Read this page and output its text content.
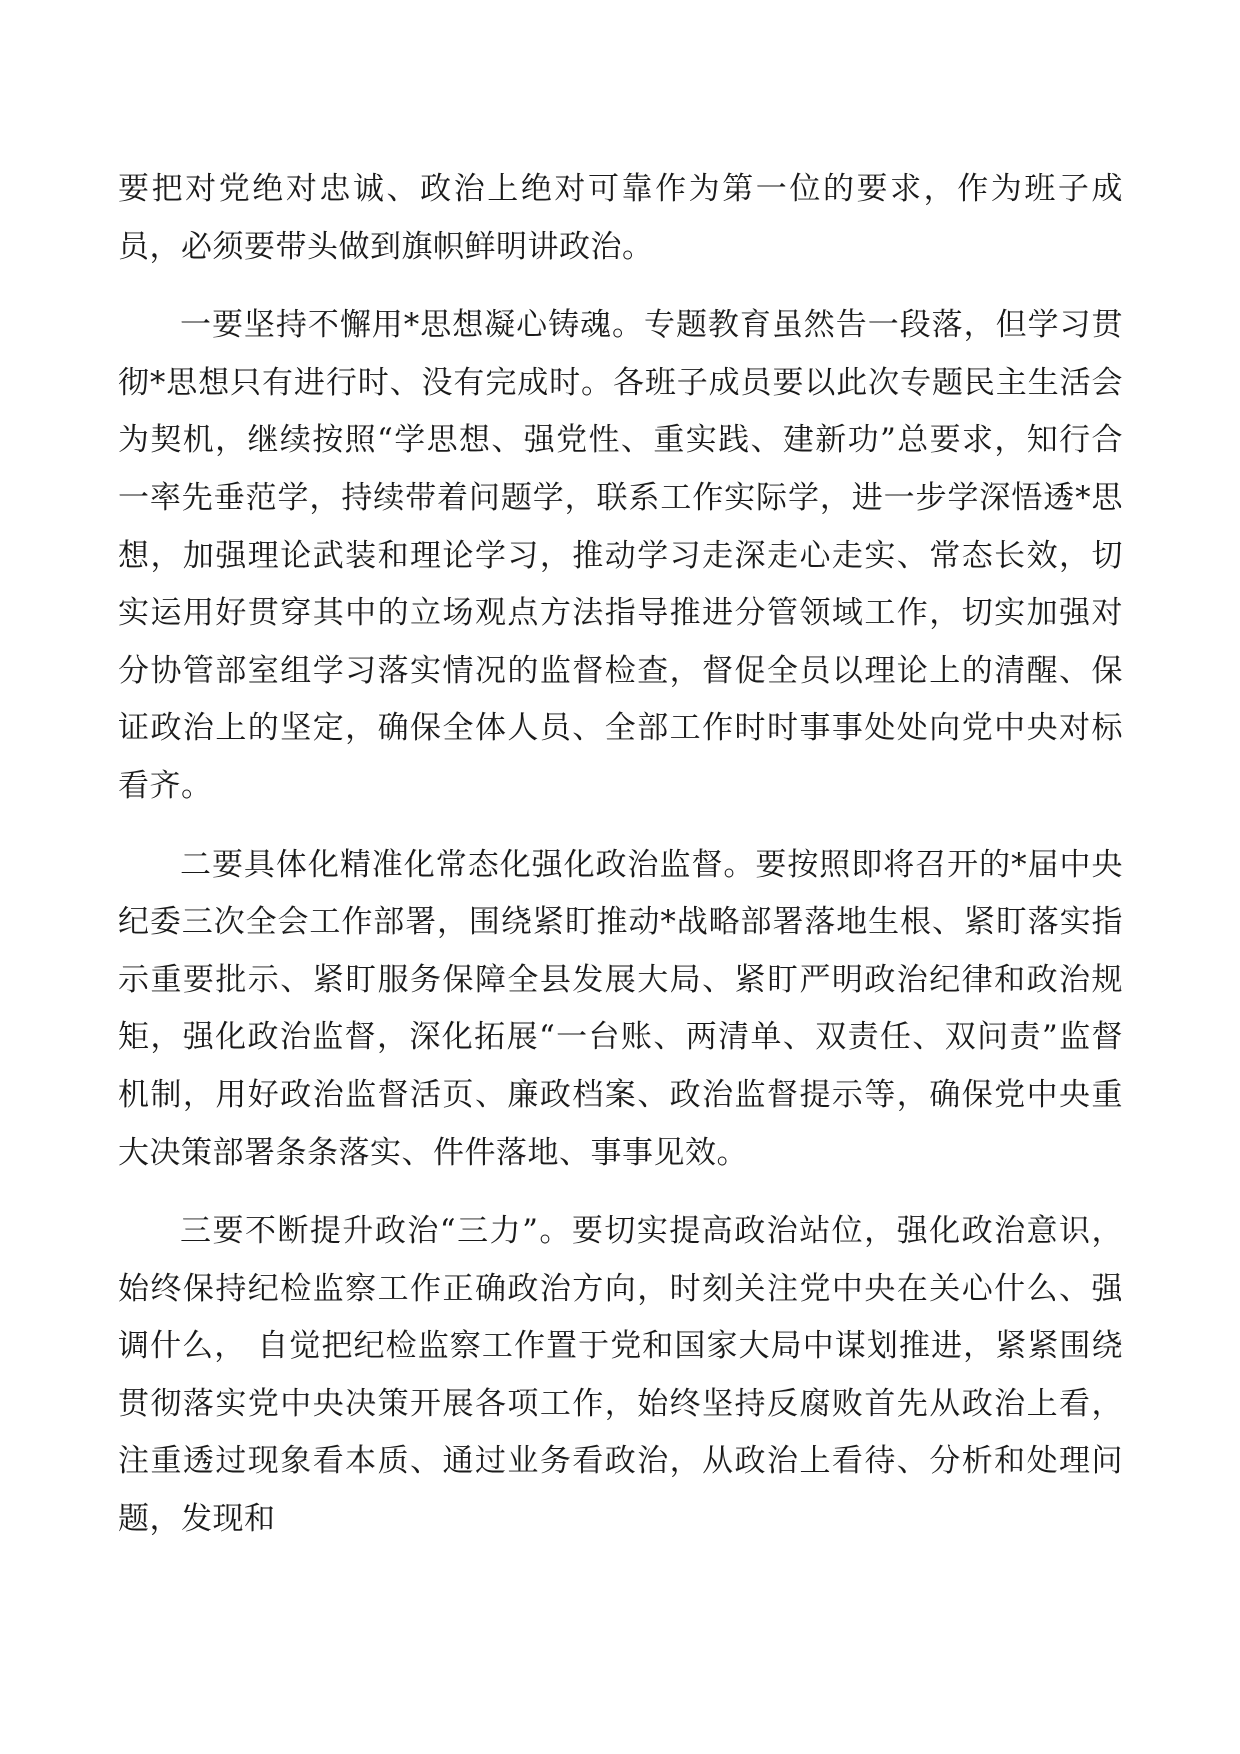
要把对党绝对忠诚、政治上绝对可靠作为第一位的要求，作为班子成员，必须要带头做到旗帜鲜明讲政治。

一要坚持不懈用*思想凝心铸魂。专题教育虽然告一段落，但学习贯彻*思想只有进行时、没有完成时。各班子成员要以此次专题民主生活会为契机，继续按照“学思想、强党性、重实践、建新功”总要求，知行合一率先垂范学，持续带着问题学，联系工作实际学，进一步学深悟透*思想，加强理论武装和理论学习，推动学习走深走心走实、常态长效，切实运用好贯穿其中的立场观点方法指导推进分管领域工作，切实加强对分协管部室组学习落实情况的监督检查，督促全员以理论上的清醒、保证政治上的坚定，确保全体人员、全部工作时时事事处处向党中央对标看齐。

二要具体化精准化常态化强化政治监督。要按照即将召开的*届中央纪委三次全会工作部署，围绕紧盯推动*战略部署落地生根、紧盯落实指示重要批示、紧盯服务保障全县发展大局、紧盯严明政治纪律和政治规矩，强化政治监督，深化拓展“一台账、两清单、双责任、双问责”监督机制，用好政治监督活页、廉政档案、政治监督提示等，确保党中央重大决策部署条条落实、件件落地、事事见效。

三要不断提升政治“三力”。要切实提高政治站位，强化政治意识，始终保持纪检监察工作正确政治方向，时刻关注党中央在关心什么、强调什么， 自觉把纪检监察工作置于党和国家大局中谋划推进，紧紧围绕贯彻落实党中央决策开展各项工作，始终坚持反腐败首先从政治上看，注重透过现象看本质、通过业务看政治，从政治上看待、分析和处理问题，发现和
